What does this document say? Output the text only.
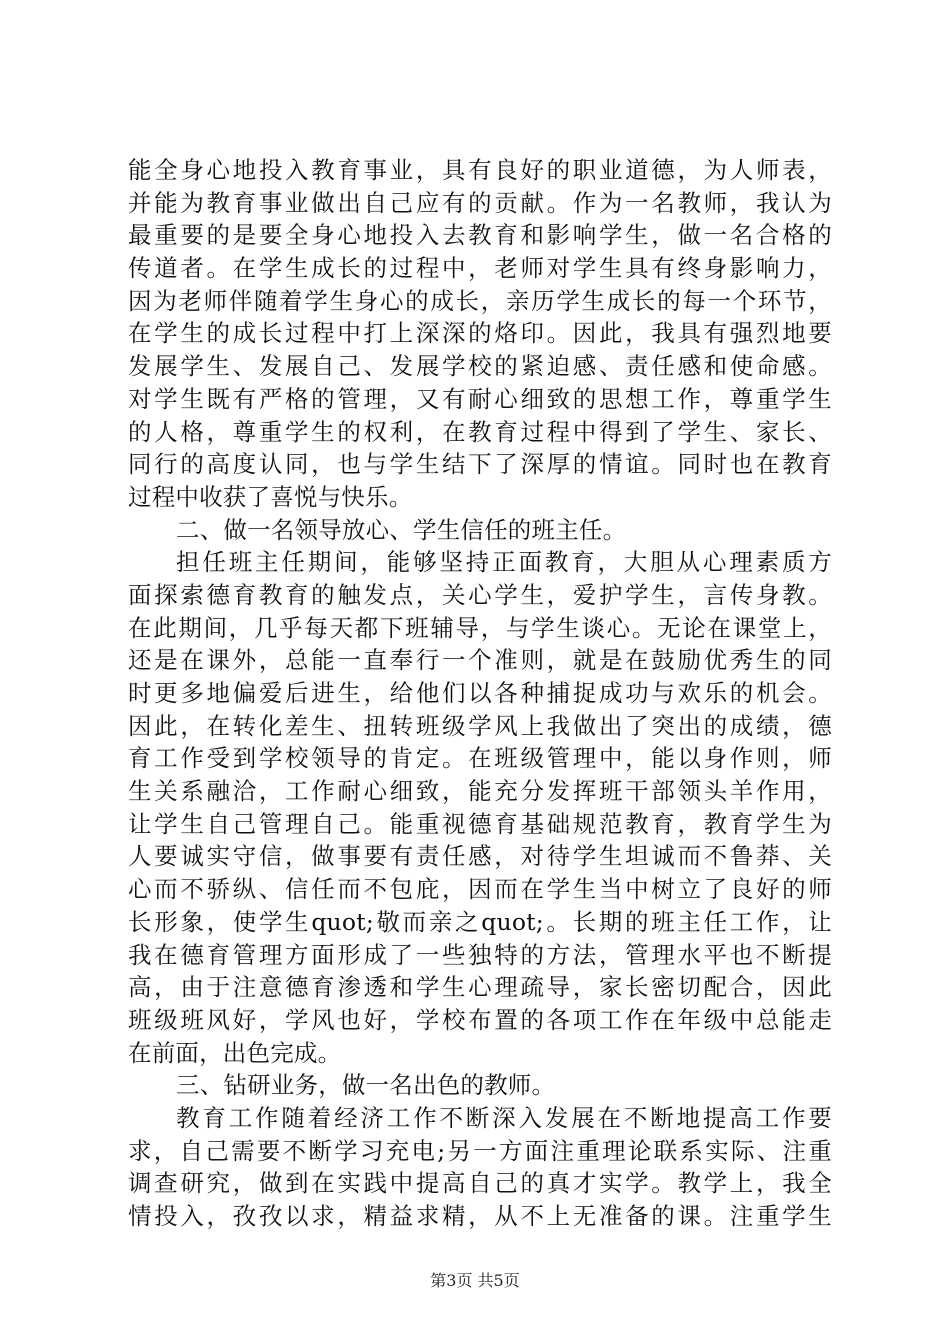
能全身心地投入教育事业，具有良好的职业道德，为人师表，
并能为教育事业做出自己应有的贡献。作为一名教师，我认为
最重要的是要全身心地投入去教育和影响学生，做一名合格的
传道者。在学生成长的过程中，老师对学生具有终身影响力，
因为老师伴随着学生身心的成长，亲历学生成长的每一个环节，
在学生的成长过程中打上深深的烙印。因此，我具有强烈地要
发展学生、发展自己、发展学校的紧迫感、责任感和使命感。
对学生既有严格的管理，又有耐心细致的思想工作，尊重学生
的人格，尊重学生的权利，在教育过程中得到了学生、家长、
同行的高度认同，也与学生结下了深厚的情谊。同时也在教育
过程中收获了喜悦与快乐。
二、做一名领导放心、学生信任的班主任。
担任班主任期间，能够坚持正面教育，大胆从心理素质方
面探索德育教育的触发点，关心学生，爱护学生，言传身教。
在此期间，几乎每天都下班辅导，与学生谈心。无论在课堂上，
还是在课外，总能一直奉行一个准则，就是在鼓励优秀生的同
时更多地偏爱后进生，给他们以各种捕捉成功与欢乐的机会。
因此，在转化差生、扭转班级学风上我做出了突出的成绩，德
育工作受到学校领导的肯定。在班级管理中，能以身作则，师
生关系融洽，工作耐心细致，能充分发挥班干部领头羊作用，
让学生自己管理自己。能重视德育基础规范教育，教育学生为
人要诚实守信，做事要有责任感，对待学生坦诚而不鲁莽、关
心而不骄纵、信任而不包庇，因而在学生当中树立了良好的师
长形象，使学生quot;敬而亲之quot;。长期的班主任工作，让
我在德育管理方面形成了一些独特的方法，管理水平也不断提
高，由于注意德育渗透和学生心理疏导，家长密切配合，因此
班级班风好，学风也好，学校布置的各项工作在年级中总能走
在前面，出色完成。
三、钻研业务，做一名出色的教师。
教育工作随着经济工作不断深入发展在不断地提高工作要
求，自己需要不断学习充电;另一方面注重理论联系实际、注重
调查研究，做到在实践中提高自己的真才实学。教学上，我全
情投入，孜孜以求，精益求精，从不上无准备的课。注重学生
第3页 共5页
